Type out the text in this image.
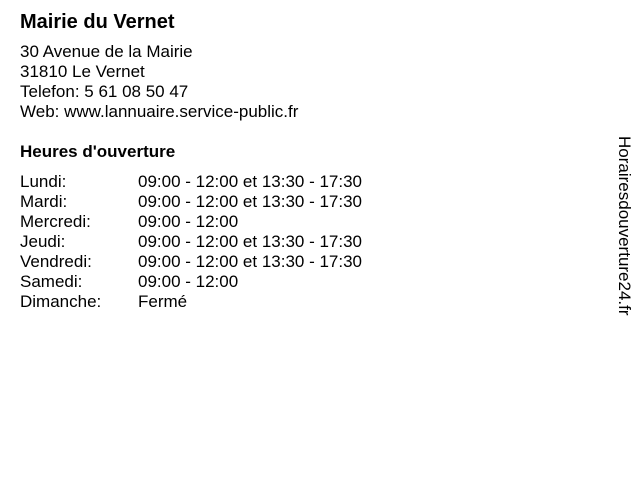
Mairie du Vernet
30 Avenue de la Mairie
31810 Le Vernet
Telefon: 5 61 08 50 47
Web: www.lannuaire.service-public.fr
Heures d'ouverture
Lundi:	09:00 - 12:00 et 13:30 - 17:30
Mardi:	09:00 - 12:00 et 13:30 - 17:30
Mercredi:	09:00 - 12:00
Jeudi:	09:00 - 12:00 et 13:30 - 17:30
Vendredi:	09:00 - 12:00 et 13:30 - 17:30
Samedi:	09:00 - 12:00
Dimanche:	Fermé	Horairesdouverture24.fr
